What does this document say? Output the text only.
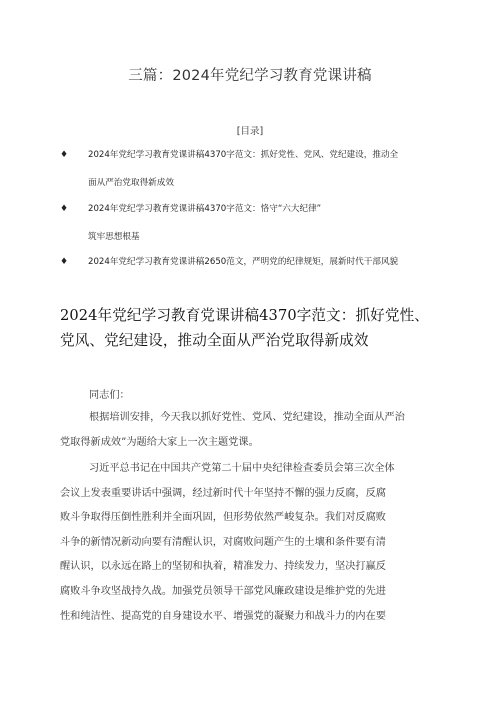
三篇：2024年党纪学习教育党课讲稿
[目录]
♦ 2024年党纪学习教育党课讲稿4370字范文：抓好党性、党风、党纪建设，推动全
面从严治党取得新成效
♦ 2024年党纪学习教育党课讲稿4370字范文：恪守“六大纪律”
筑牢思想根基
♦ 2024年党纪学习教育党课讲稿2650范文，严明党的纪律规矩，展新时代干部风貌
2024年党纪学习教育党课讲稿4370字范文：抓好党性、
党风、党纪建设，推动全面从严治党取得新成效
同志们：
根据培训安排，今天我以抓好党性、党风、党纪建设，推动全面从严治
党取得新成效”为题给大家上一次主题党课。
习近平总书记在中国共产党第二十届中央纪律检查委员会第三次全体
会议上发表重要讲话中强调，经过新时代十年坚持不懈的强力反腐，反腐
败斗争取得压倒性胜利并全面巩固，但形势依然严峻复杂。我们对反腐败
斗争的新情况新动向要有清醒认识，对腐败问题产生的土壤和条件要有清
醒认识，以永远在路上的坚韧和执着，精准发力、持续发力，坚决打赢反
腐败斗争攻坚战持久战。加强党员领导干部党风廉政建设是维护党的先进
性和纯洁性、提高党的自身建设水平、增强党的凝聚力和战斗力的内在要
